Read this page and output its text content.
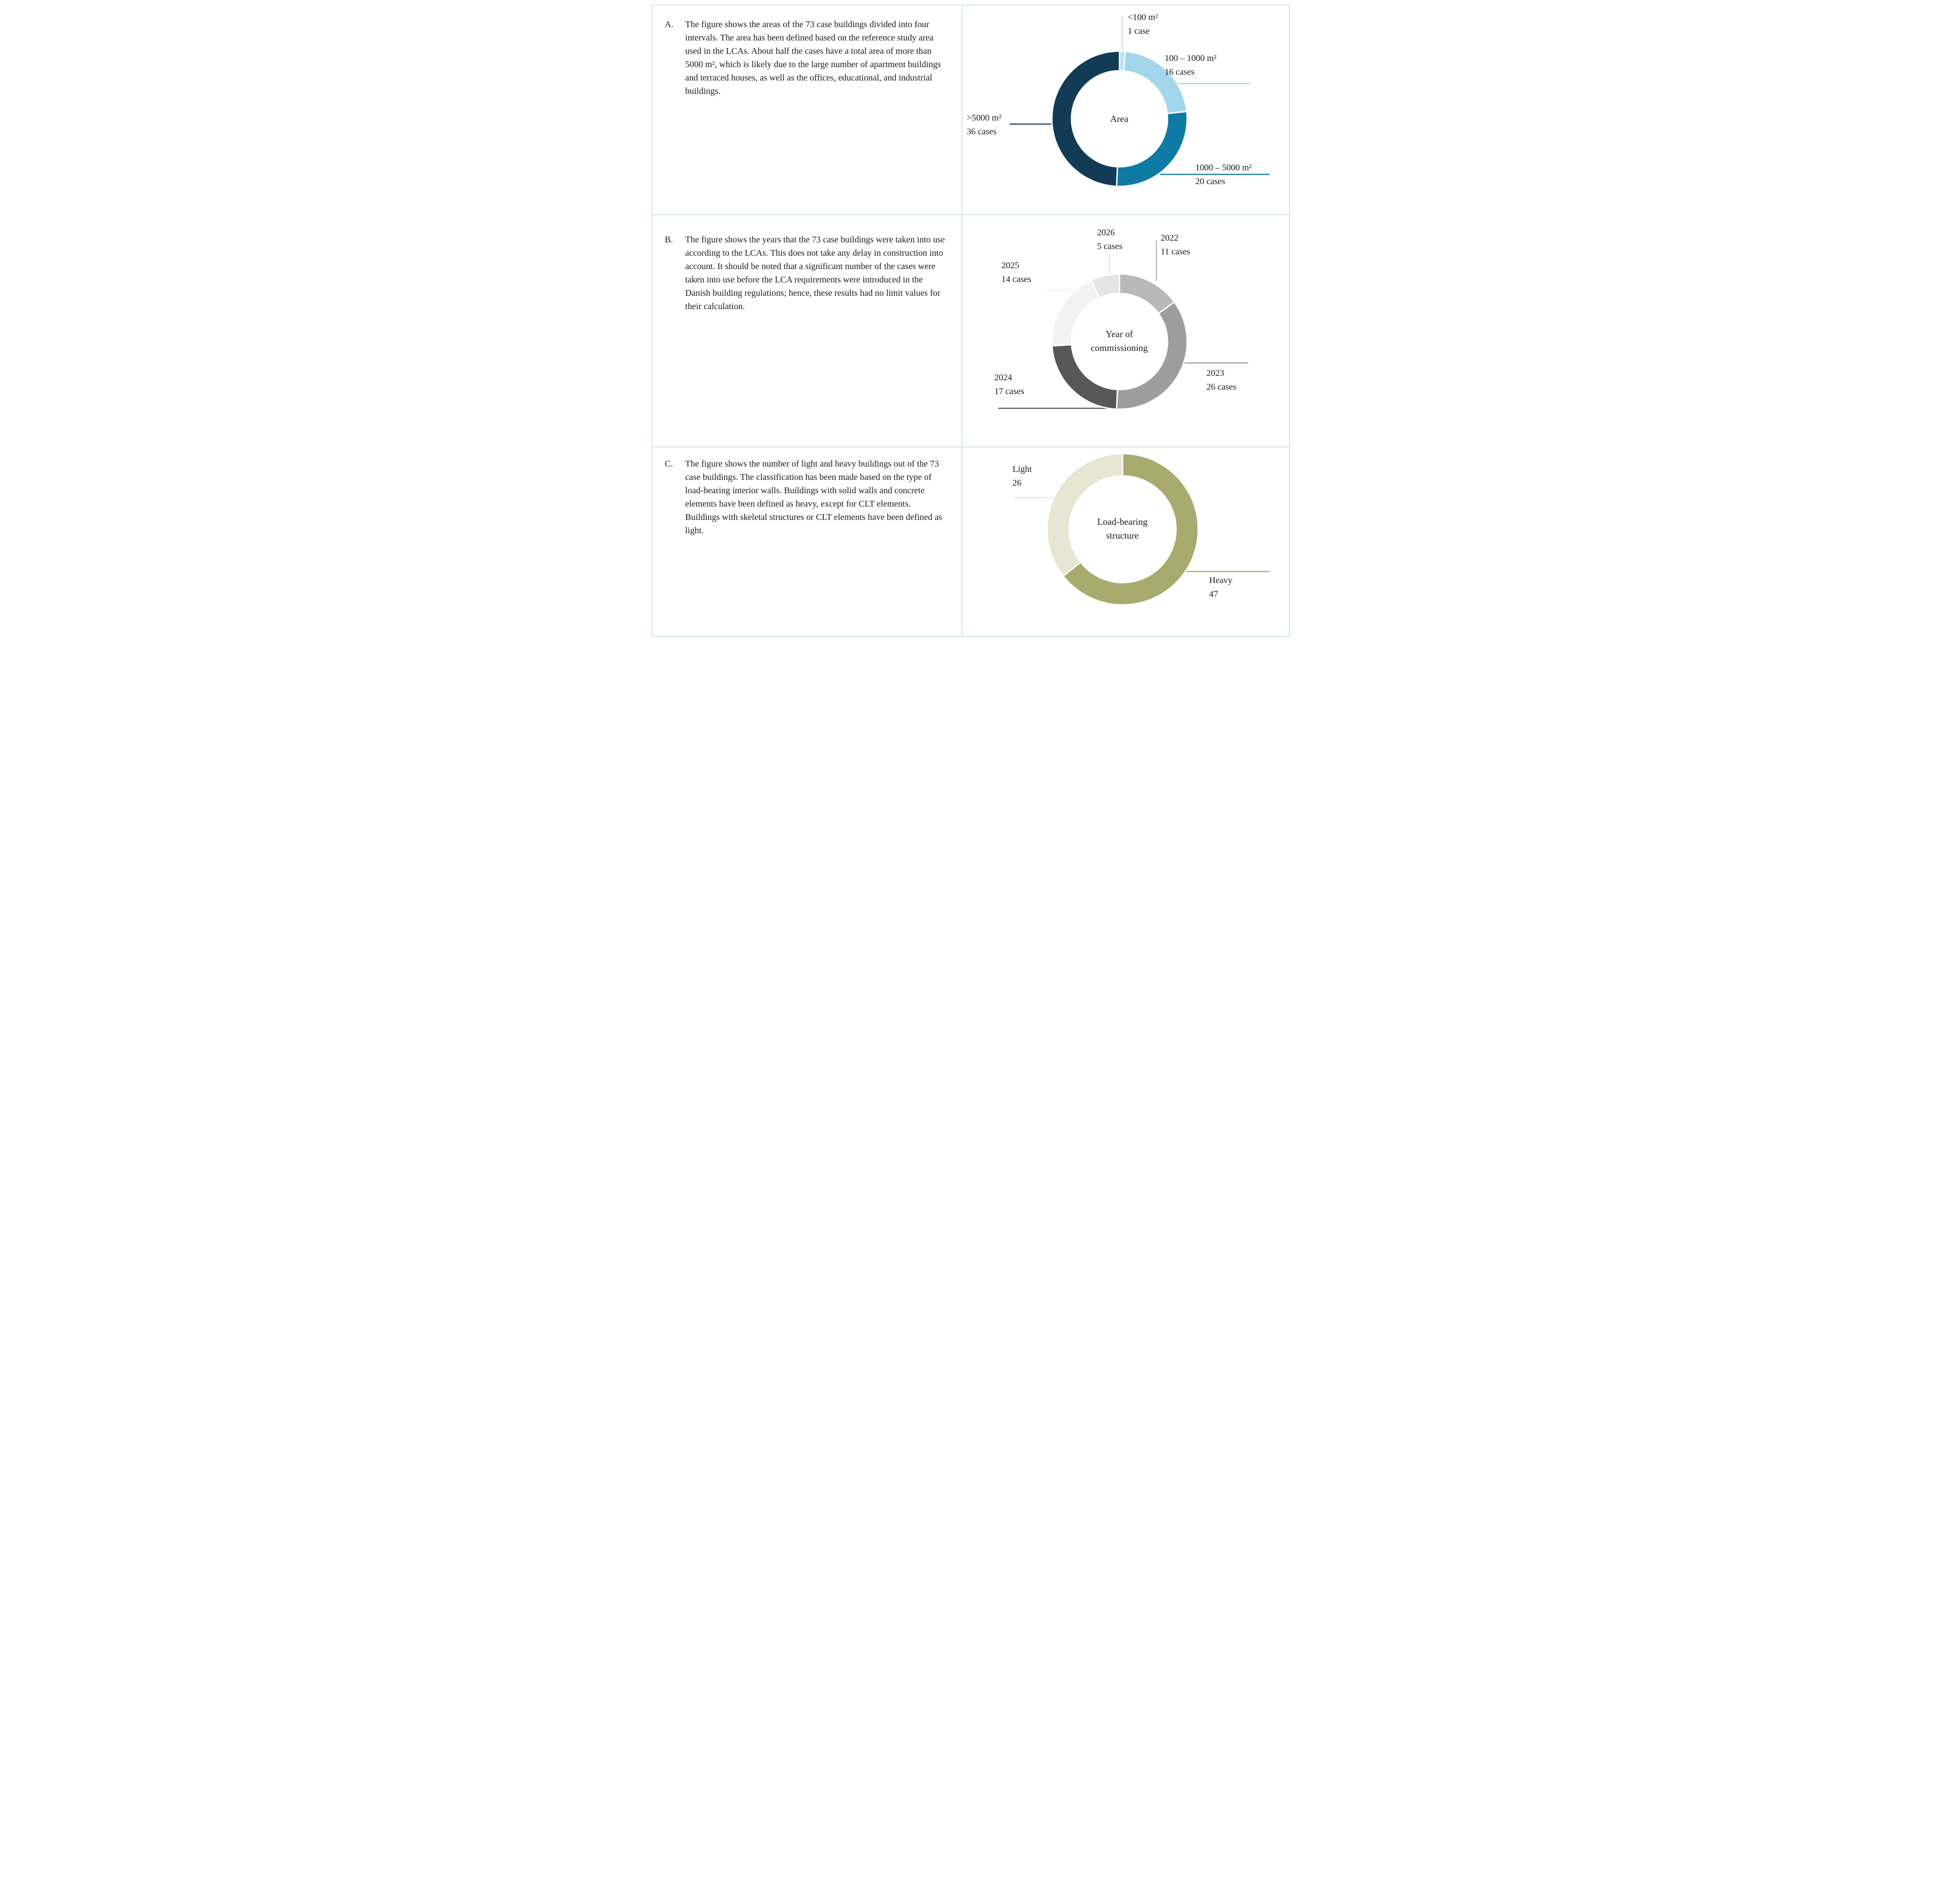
A.	The figure shows the areas of the 73 case buildings divided into four intervals. The area has been defined based on the reference study area used in the LCAs. About half the cases have a total area of more than 5000 m², which is likely due to the large number of apartment buildings and terraced houses, as well as the offices, educational, and industrial buildings.
<100 m²
1 case
100 – 1000 m²
16 cases
>5000 m²
36 cases
1000 – 5000 m²
20 cases
Area
B.	The figure shows the years that the 73 case buildings were taken into use according to the LCAs. This does not take any delay in construction into account. It should be noted that a significant number of the cases were taken into use before the LCA requirements were introduced in the Danish building regulations; hence, these results had no limit values for their calculation.
2026
5 cases
2022
11 cases
2023
26 cases
2024
17 cases
2025
14 cases
Year of
commissioning
C.	The figure shows the number of light and heavy buildings out of the 73 case buildings. The classification has been made based on the type of load-bearing interior walls. Buildings with solid walls and concrete elements have been defined as heavy, except for CLT elements. Buildings with skeletal structures or CLT elements have been defined as light.
Light
26
Heavy
47
Load-bearing
structure
